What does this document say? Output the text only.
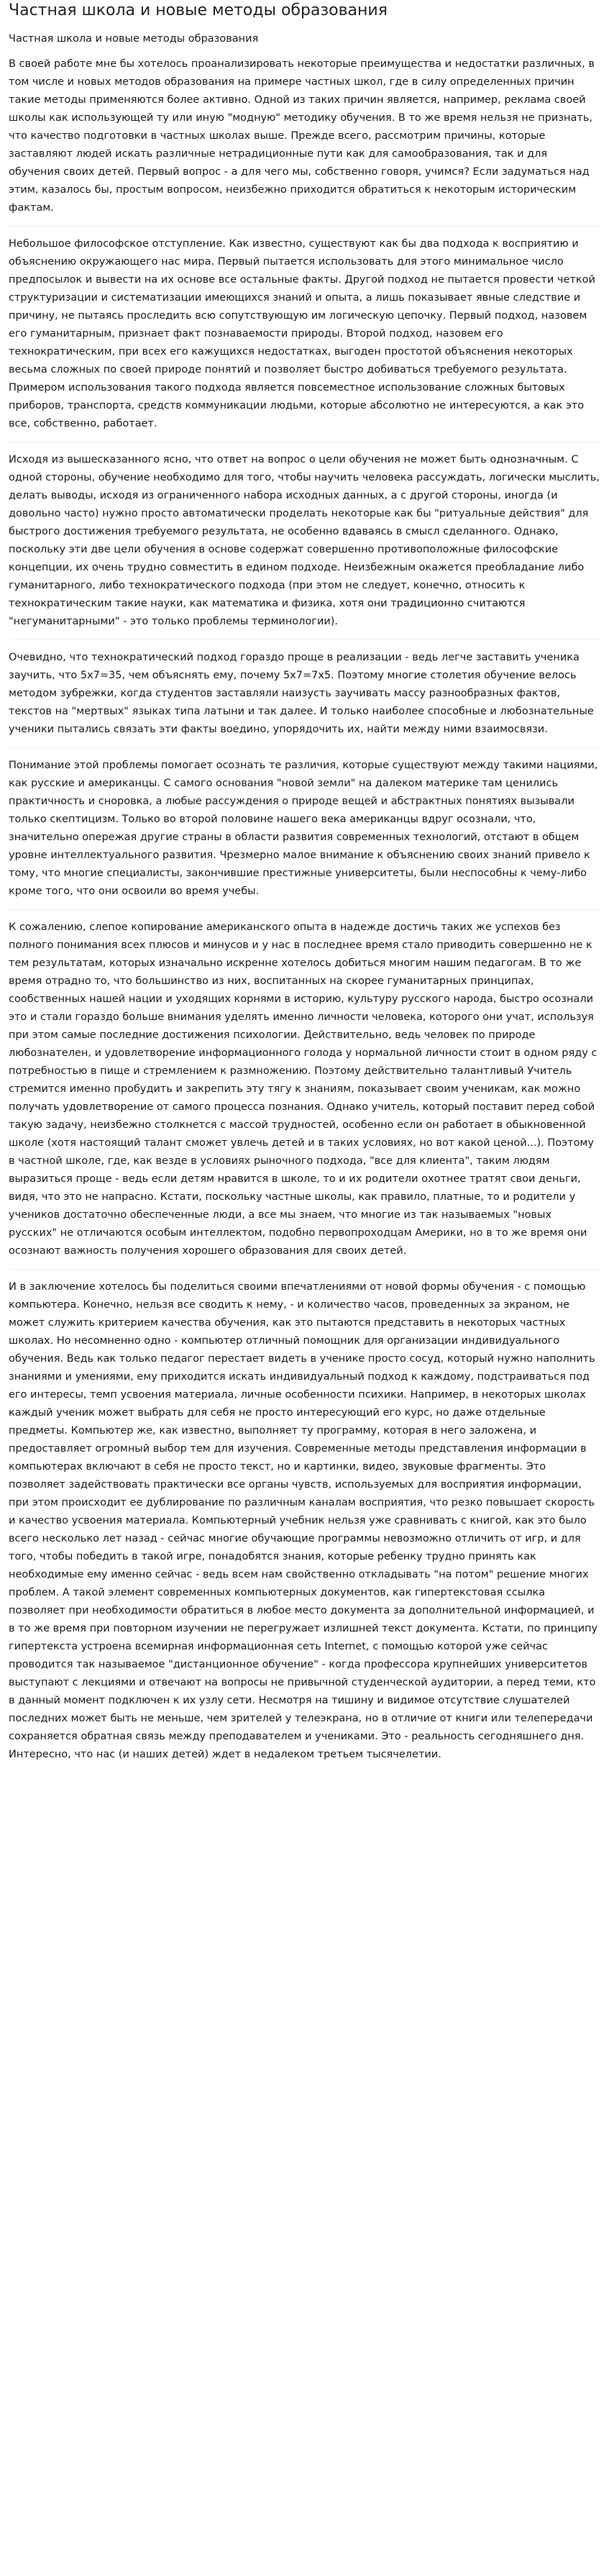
Частная школа и новые методы образования
Частная школа и новые методы образования

В своей работе мне бы хотелось проанализировать некоторые преимущества и недостатки различных, в том числе и новых методов образования на примере частных школ, где в силу определенных причин такие методы применяются более активно. Одной из таких причин является, например, реклама своей школы как использующей ту или иную "модную" методику обучения. В то же время нельзя не признать, что качество подготовки в частных школах выше. Прежде всего, рассмотрим причины, которые заставляют людей искать различные нетрадиционные пути как для самообразования, так и для обучения своих детей. Первый вопрос - а для чего мы, собственно говоря, учимся? Если задуматься над этим, казалось бы, простым вопросом, неизбежно приходится обратиться к некоторым историческим фактам.

Небольшое философское отступление. Как известно, существуют как бы два подхода к восприятию и объяснению окружающего нас мира. Первый пытается использовать для этого минимальное число предпосылок и вывести на их основе все остальные факты. Другой подход не пытается провести четкой структуризации и систематизации имеющихся знаний и опыта, а лишь показывает явные следствие и причину, не пытаясь проследить всю сопутствующую им логическую цепочку. Первый подход, назовем его гуманитарным, признает факт познаваемости природы. Второй подход, назовем его технократическим, при всех его кажущихся недостатках, выгоден простотой объяснения некоторых весьма сложных по своей природе понятий и позволяет быстро добиваться требуемого результата. Примером использования такого подхода является повсеместное использование сложных бытовых приборов, транспорта, средств коммуникации людьми, которые абсолютно не интересуются, а как это все, собственно, работает.

Исходя из вышесказанного ясно, что ответ на вопрос о цели обучения не может быть однозначным. С одной стороны, обучение необходимо для того, чтобы научить человека рассуждать, логически мыслить, делать выводы, исходя из ограниченного набора исходных данных, а с другой стороны, иногда (и довольно часто) нужно просто автоматически проделать некоторые как бы "ритуальные действия" для быстрого достижения требуемого результата, не особенно вдаваясь в смысл сделанного. Однако, поскольку эти две цели обучения в основе содержат совершенно противоположные философские концепции, их очень трудно совместить в едином подходе. Неизбежным окажется преобладание либо гуманитарного, либо технократического подхода (при этом не следует, конечно, относить к технократическим такие науки, как математика и физика, хотя они традиционно считаются "негуманитарными" - это только проблемы терминологии).

Очевидно, что технократический подход гораздо проще в реализации - ведь легче заставить ученика заучить, что 5x7=35, чем объяснять ему, почему 5x7=7x5. Поэтому многие столетия обучение велось методом зубрежки, когда студентов заставляли наизусть заучивать массу разнообразных фактов, текстов на "мертвых" языках типа латыни и так далее. И только наиболее способные и любознательные ученики пытались связать эти факты воедино, упорядочить их, найти между ними взаимосвязи.

Понимание этой проблемы помогает осознать те различия, которые существуют между такими нациями, как русские и американцы. С самого основания "новой земли" на далеком материке там ценились практичность и сноровка, а любые рассуждения о природе вещей и абстрактных понятиях вызывали только скептицизм. Только во второй половине нашего века американцы вдруг осознали, что, значительно опережая другие страны в области развития современных технологий, отстают в общем уровне интеллектуального развития. Чрезмерно малое внимание к объяснению своих знаний привело к тому, что многие специалисты, закончившие престижные университеты, были неспособны к чему-либо кроме того, что они освоили во время учебы.

К сожалению, слепое копирование американского опыта в надежде достичь таких же успехов без полного понимания всех плюсов и минусов и у нас в последнее время стало приводить совершенно не к тем результатам, которых изначально искренне хотелось добиться многим нашим педагогам. В то же время отрадно то, что большинство из них, воспитанных на скорее гуманитарных принципах, сообственных нашей нации и уходящих корнями в историю, культуру русского народа, быстро осознали это и стали гораздо больше внимания уделять именно личности человека, которого они учат, используя при этом самые последние достижения психологии. Действительно, ведь человек по природе любознателен, и удовлетворение информационного голода у нормальной личности стоит в одном ряду с потребностью в пище и стремлением к размножению. Поэтому действительно талантливый Учитель стремится именно пробудить и закрепить эту тягу к знаниям, показывает своим ученикам, как можно получать удовлетворение от самого процесса познания. Однако учитель, который поставит перед собой такую задачу, неизбежно столкнется с массой трудностей, особенно если он работает в обыкновенной школе (хотя настоящий талант сможет увлечь детей и в таких условиях, но вот какой ценой...). Поэтому в частной школе, где, как везде в условиях рыночного подхода, "все для клиента", таким людям выразиться проще - ведь если детям нравится в школе, то и их родители охотнее тратят свои деньги, видя, что это не напрасно. Кстати, поскольку частные школы, как правило, платные, то и родители у учеников достаточно обеспеченные люди, а все мы знаем, что многие из так называемых "новых русских" не отличаются особым интеллектом, подобно первопроходцам Америки, но в то же время они осознают важность получения хорошего образования для своих детей.

И в заключение хотелось бы поделиться своими впечатлениями от новой формы обучения - с помощью компьютера. Конечно, нельзя все сводить к нему, - и количество часов, проведенных за экраном, не может служить критерием качества обучения, как это пытаются представить в некоторых частных школах. Но несомненно одно - компьютер отличный помощник для организации индивидуального обучения. Ведь как только педагог перестает видеть в ученике просто сосуд, который нужно наполнить знаниями и умениями, ему приходится искать индивидуальный подход к каждому, подстраиваться под его интересы, темп усвоения материала, личные особенности психики. Например, в некоторых школах каждый ученик может выбрать для себя не просто интересующий его курс, но даже отдельные предметы. Компьютер же, как известно, выполняет ту программу, которая в него заложена, и предоставляет огромный выбор тем для изучения. Современные методы представления информации в компьютерах включают в себя не просто текст, но и картинки, видео, звуковые фрагменты. Это позволяет задействовать практически все органы чувств, используемых для восприятия информации, при этом происходит ее дублирование по различным каналам восприятия, что резко повышает скорость и качество усвоения материала. Компьютерный учебник нельзя уже сравнивать с книгой, как это было всего несколько лет назад - сейчас многие обучающие программы невозможно отличить от игр, и для того, чтобы победить в такой игре, понадобятся знания, которые ребенку трудно принять как необходимые ему именно сейчас - ведь всем нам свойственно откладывать "на потом" решение многих проблем. А такой элемент современных компьютерных документов, как гипертекстовая ссылка позволяет при необходимости обратиться в любое место документа за дополнительной информацией, и в то же время при повторном изучении не перегружает излишней текст документа. Кстати, по принципу гипертекста устроена всемирная информационная сеть Internet, с помощью которой уже сейчас проводится так называемое "дистанционное обучение" - когда профессора крупнейших университетов выступают с лекциями и отвечают на вопросы не привычной студенческой аудитории, а перед теми, кто в данный момент подключен к их узлу сети. Несмотря на тишину и видимое отсутствие слушателей последних может быть не меньше, чем зрителей у телеэкрана, но в отличие от книги или телепередачи сохраняется обратная связь между преподавателем и учениками. Это - реальность сегодняшнего дня. Интересно, что нас (и наших детей) ждет в недалеком третьем тысячелетии.
